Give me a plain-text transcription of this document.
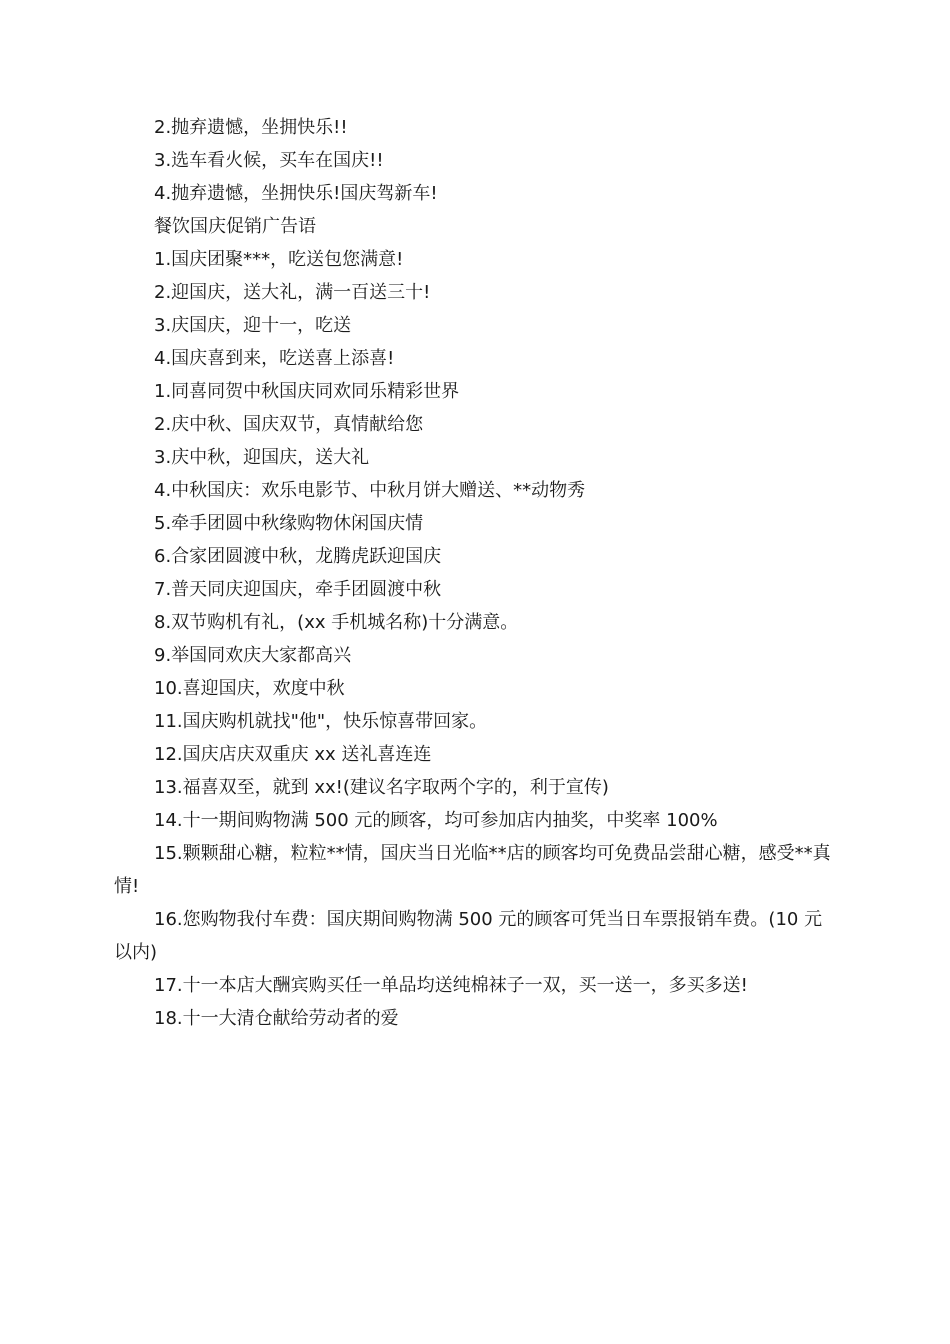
2.抛弃遗憾，坐拥快乐!!
3.选车看火候，买车在国庆!!
4.抛弃遗憾，坐拥快乐!国庆驾新车!
餐饮国庆促销广告语
1.国庆团聚***，吃送包您满意!
2.迎国庆，送大礼，满一百送三十!
3.庆国庆，迎十一，吃送
4.国庆喜到来，吃送喜上添喜!
1.同喜同贺中秋国庆同欢同乐精彩世界
2.庆中秋、国庆双节，真情献给您
3.庆中秋，迎国庆，送大礼
4.中秋国庆：欢乐电影节、中秋月饼大赠送、**动物秀
5.牵手团圆中秋缘购物休闲国庆情
6.合家团圆渡中秋，龙腾虎跃迎国庆
7.普天同庆迎国庆，牵手团圆渡中秋
8.双节购机有礼，(xx 手机城名称)十分满意。
9.举国同欢庆大家都高兴
10.喜迎国庆，欢度中秋
11.国庆购机就找"他"，快乐惊喜带回家。
12.国庆店庆双重庆 xx 送礼喜连连
13.福喜双至，就到 xx!(建议名字取两个字的，利于宣传)
14.十一期间购物满 500 元的顾客，均可参加店内抽奖，中奖率 100%
15.颗颗甜心糖，粒粒**情，国庆当日光临**店的顾客均可免费品尝甜心糖，感受**真情!
16.您购物我付车费：国庆期间购物满 500 元的顾客可凭当日车票报销车费。(10 元以内)
17.十一本店大酬宾购买任一单品均送纯棉袜子一双，买一送一，多买多送!
18.十一大清仓献给劳动者的爱
